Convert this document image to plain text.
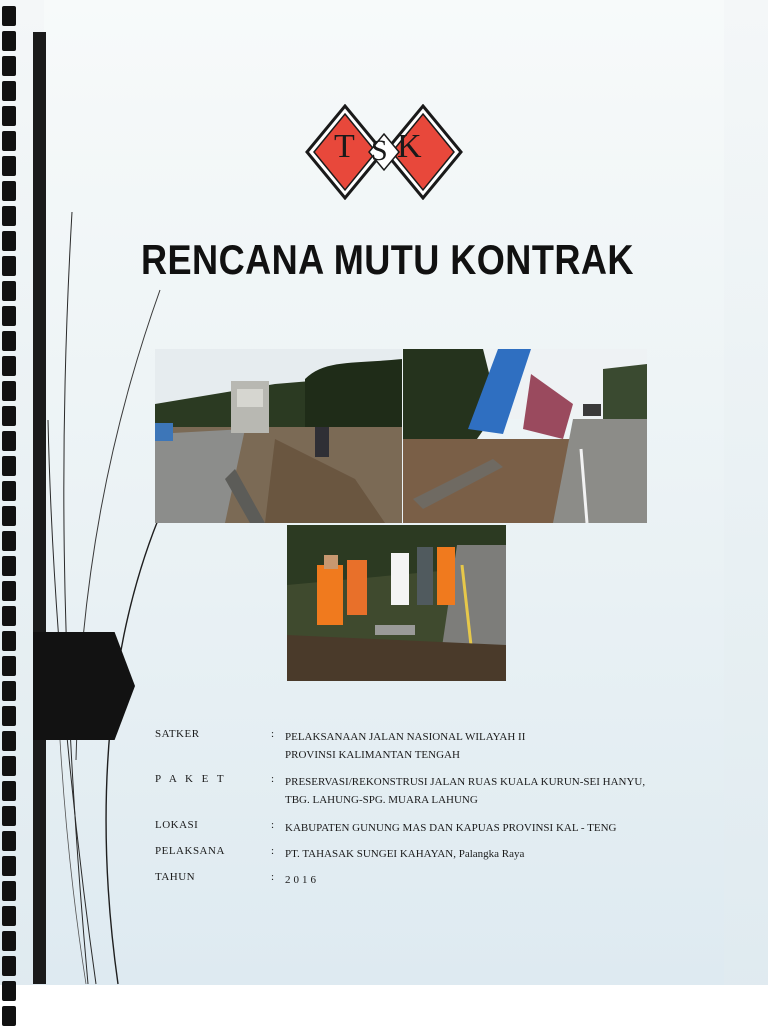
T S K
RENCANA MUTU KONTRAK
SATKER	: PELAKSANAAN JALAN NASIONAL WILAYAH II
PROVINSI KALIMANTAN TENGAH
P A K E T	: PRESERVASI/REKONSTRUSI JALAN RUAS KUALA KURUN-SEI HANYU,
TBG. LAHUNG-SPG. MUARA LAHUNG
LOKASI	: KABUPATEN GUNUNG MAS DAN KAPUAS PROVINSI KAL - TENG
PELAKSANA	: PT. TAHASAK SUNGEI KAHAYAN, Palangka Raya
TAHUN	: 2016
